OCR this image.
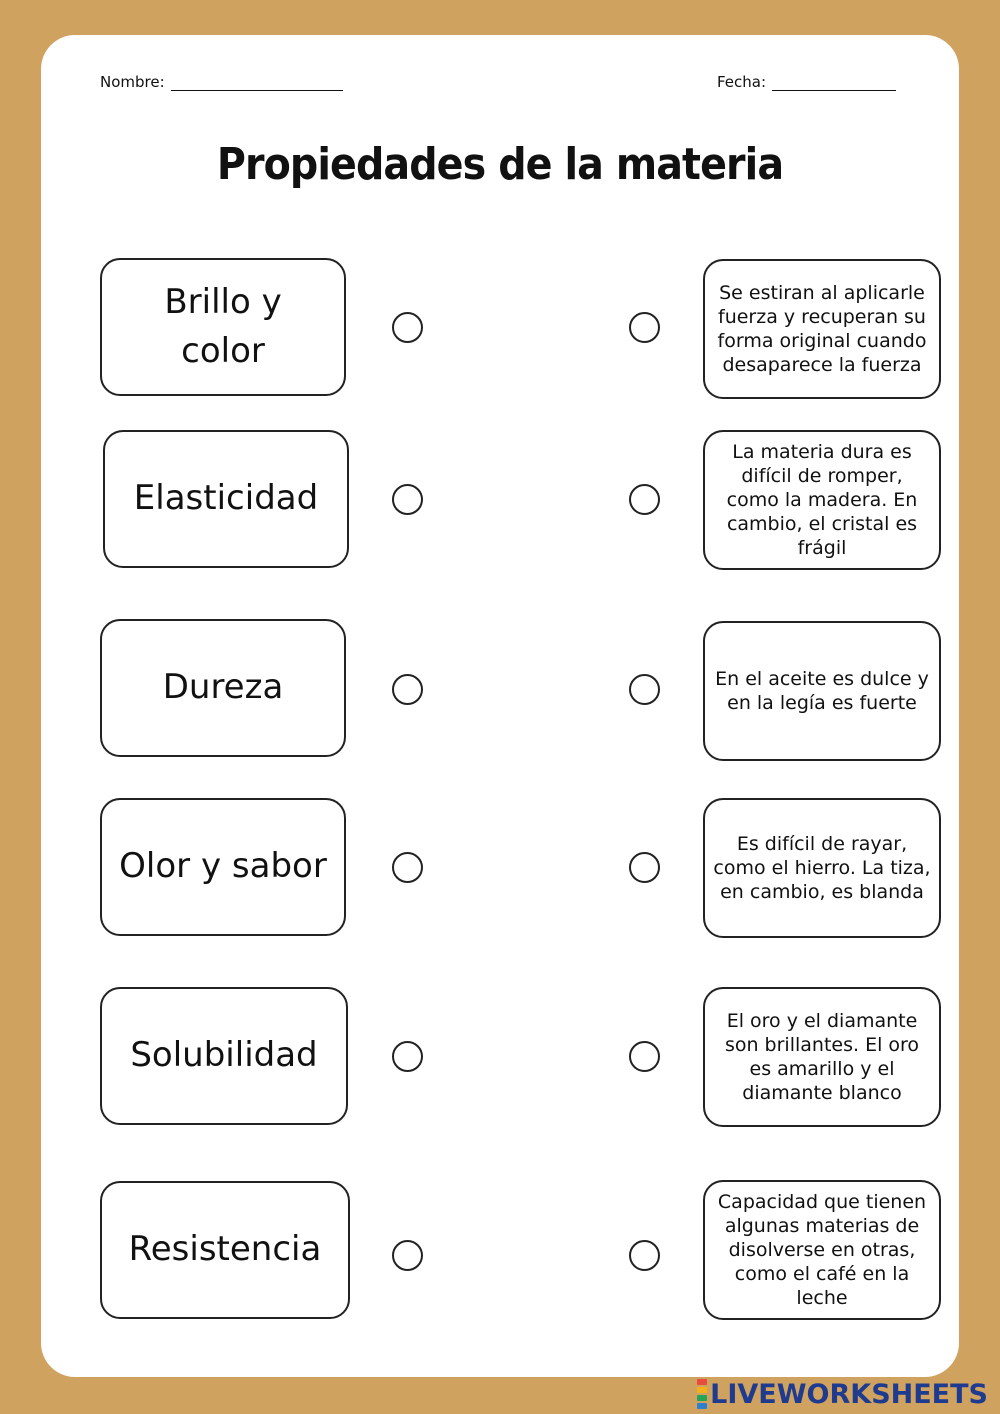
Nombre:	Fecha:
Propiedades de la materia
Brillo y color
Se estiran al aplicarle fuerza y recuperan su forma original cuando desaparece la fuerza
Elasticidad
La materia dura es difícil de romper, como la madera. En cambio, el cristal es frágil
Dureza	En el aceite es dulce y en la legía es fuerte
Olor y sabor
Es difícil de rayar, como el hierro. La tiza, en cambio, es blanda
Solubilidad
El oro y el diamante son brillantes. El oro es amarillo y el diamante blanco
Resistencia
Capacidad que tienen algunas materias de disolverse en otras, como el café en la leche
LIVEWORKSHEETS
